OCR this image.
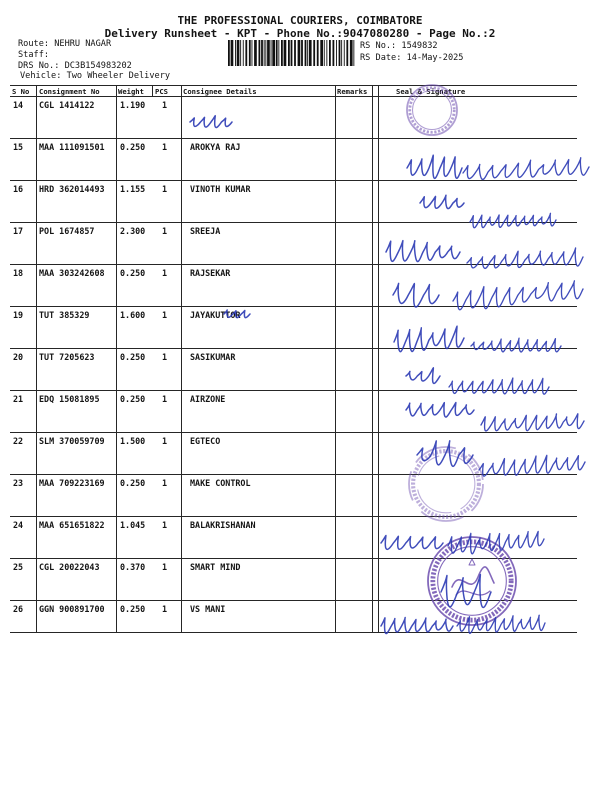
THE PROFESSIONAL COURIERS, COIMBATORE
Delivery Runsheet - KPT - Phone No.:9047080280 - Page No.:2
Route: NEHRU NAGAR
Staff:
DRS No.: DC3B154983202
Vehicle: Two Wheeler Delivery
RS No.: 1549832
RS Date: 14-May-2025
S No Consignment No	Weight PCS Consignee Details	Remarks	Seal & Signature
14 CGL 1414122	1.190 1
15 MAA 111091501 0.250 1	AROKYA RAJ
16 HRD 362014493 1.155 1	VINOTH KUMAR
17 POL 1674857	2.300 1	SREEJA
18 MAA 303242608 0.250 1	RAJSEKAR
19 TUT 385329	1.600 1	JAYAKUTTOR
20 TUT 7205623	0.250 1	SASIKUMAR
21 EDQ 15081895 0.250 1	AIRZONE
22 SLM 370059709 1.500 1	EGTECO
23 MAA 709223169 0.250 1	MAKE CONTROL
24 MAA 651651822 1.045 1	BALAKRISHANAN
25 CGL 20022043 0.370 1	SMART MIND
26 GGN 900891700 0.250 1	VS MANI
